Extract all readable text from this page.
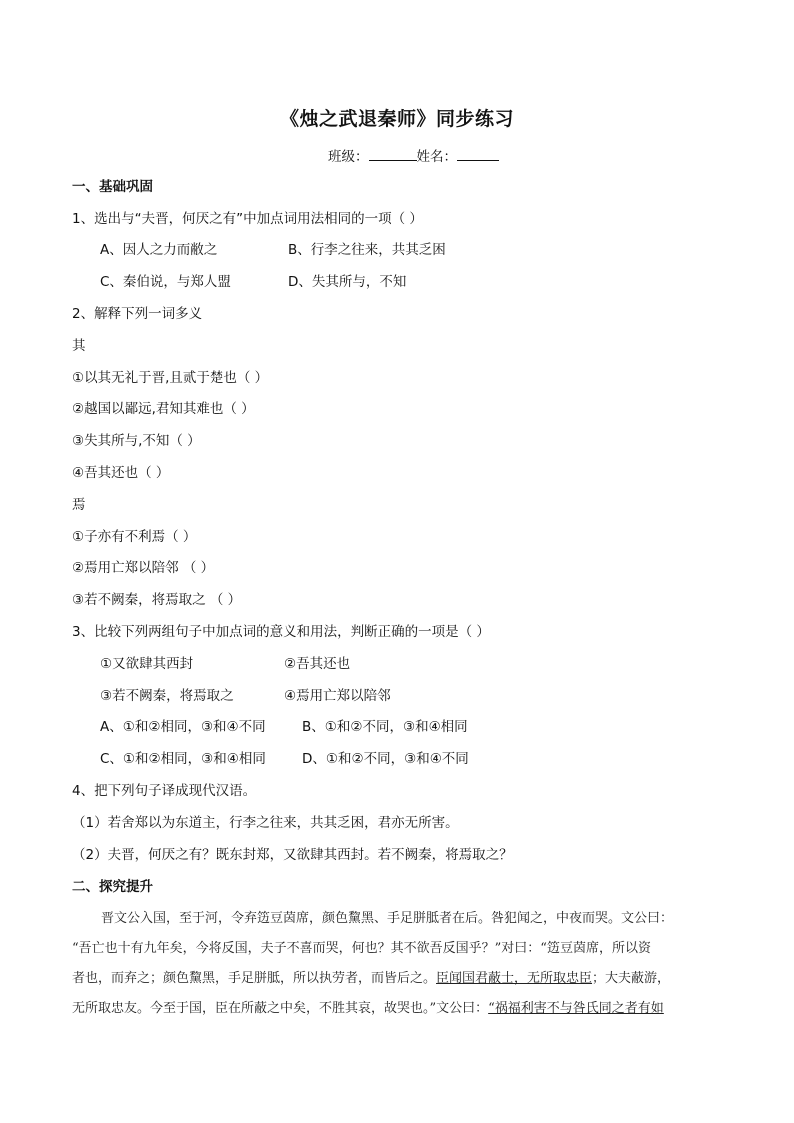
《烛之武退秦师》同步练习
班级：	姓名：
一、基础巩固
1、选出与“夫晋，何厌之有”中加点词用法相同的一项（ ）
A、因人之力而敝之	B、行李之往来，共其乏困
C、秦伯说，与郑人盟	D、失其所与，不知
2、解释下列一词多义
其
①以其无礼于晋,且贰于楚也（ ）
②越国以鄙远,君知其难也（ ）
③失其所与,不知（ ）
④吾其还也（ ）
焉
①子亦有不利焉（ ）
②焉用亡郑以陪邻 （ ）
③若不阙秦，将焉取之 （ ）
3、比较下列两组句子中加点词的意义和用法，判断正确的一项是（ ）
①又欲肆其西封	②吾其还也
③若不阙秦，将焉取之	④焉用亡郑以陪邻
A、①和②相同，③和④不同	B、①和②不同，③和④相同
C、①和②相同，③和④相同	D、①和②不同，③和④不同
4、把下列句子译成现代汉语。
（1）若舍郑以为东道主，行李之往来，共其乏困，君亦无所害。
（2）夫晋，何厌之有？既东封郑，又欲肆其西封。若不阙秦，将焉取之？
二、探究提升
晋文公入国，至于河，令弃笾豆茵席，颜色黧黑、手足胼胝者在后。咎犯闻之，中夜而哭。文公曰：
“吾亡也十有九年矣，今将反国，夫子不喜而哭，何也？其不欲吾反国乎？”对曰：“笾豆茵席，所以资
者也，而弃之；颜色黧黑，手足胼胝，所以执劳者，而皆后之。臣闻国君蔽士，无所取忠臣；大夫蔽游，
无所取忠友。今至于国，臣在所蔽之中矣，不胜其哀，故哭也。”文公曰：“祸福利害不与咎氏同之者有如
